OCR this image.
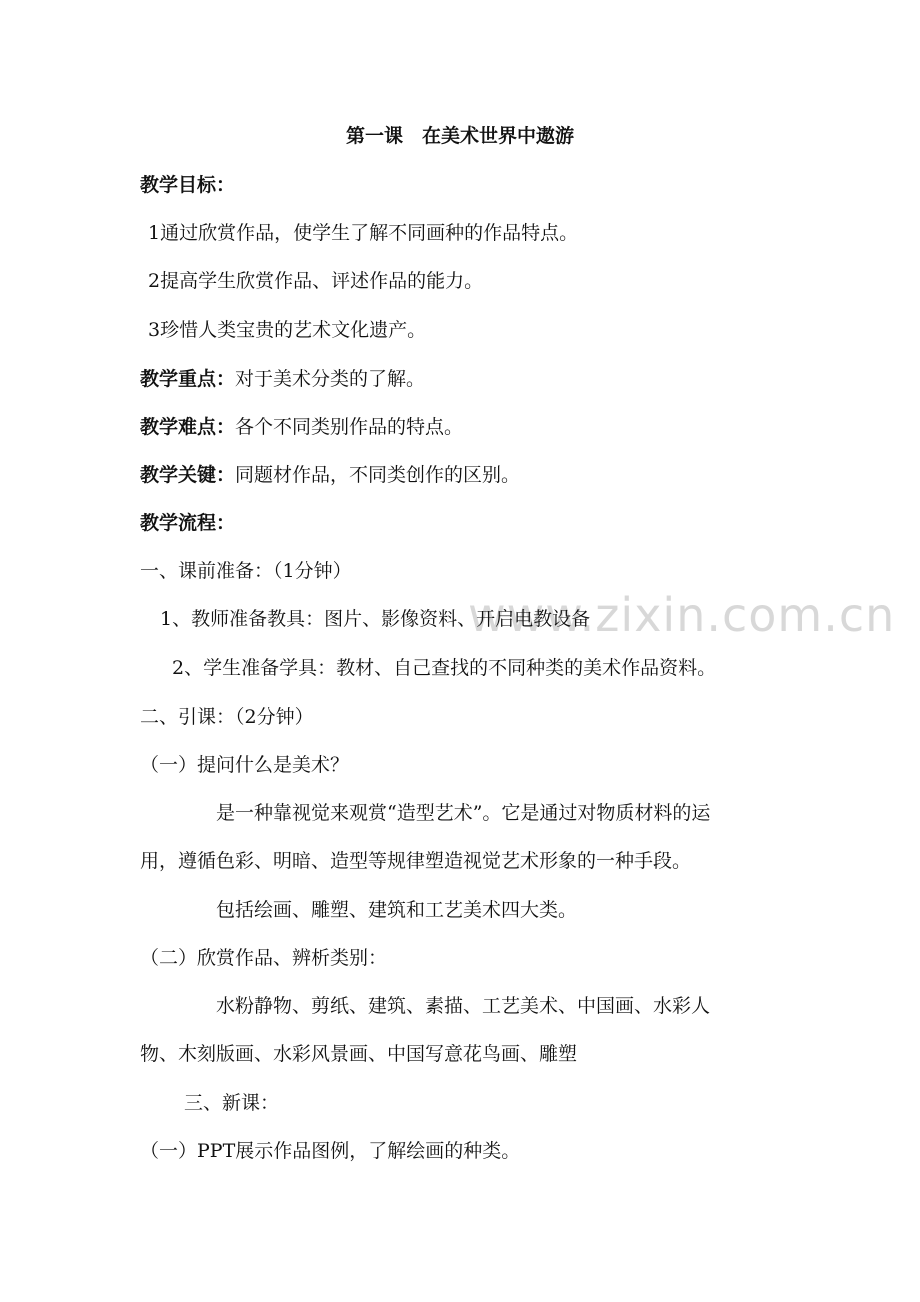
www.zixin.com.cn
第一课　在美术世界中遨游
教学目标：
1通过欣赏作品，使学生了解不同画种的作品特点。
2提高学生欣赏作品、评述作品的能力。
3珍惜人类宝贵的艺术文化遗产。
教学重点：对于美术分类的了解。
教学难点：各个不同类别作品的特点。
教学关键：同题材作品，不同类创作的区别。
教学流程：
一、课前准备：（1分钟）
1、教师准备教具：图片、影像资料、开启电教设备
2、学生准备学具：教材、自己查找的不同种类的美术作品资料。
二、引课：（2分钟）
（一）提问什么是美术？
是一种靠视觉来观赏“造型艺术”。它是通过对物质材料的运
用，遵循色彩、明暗、造型等规律塑造视觉艺术形象的一种手段。
包括绘画、雕塑、建筑和工艺美术四大类。
（二）欣赏作品、辨析类别：
水粉静物、剪纸、建筑、素描、工艺美术、中国画、水彩人
物、木刻版画、水彩风景画、中国写意花鸟画、雕塑
三、新课：
（一）PPT展示作品图例，了解绘画的种类。
